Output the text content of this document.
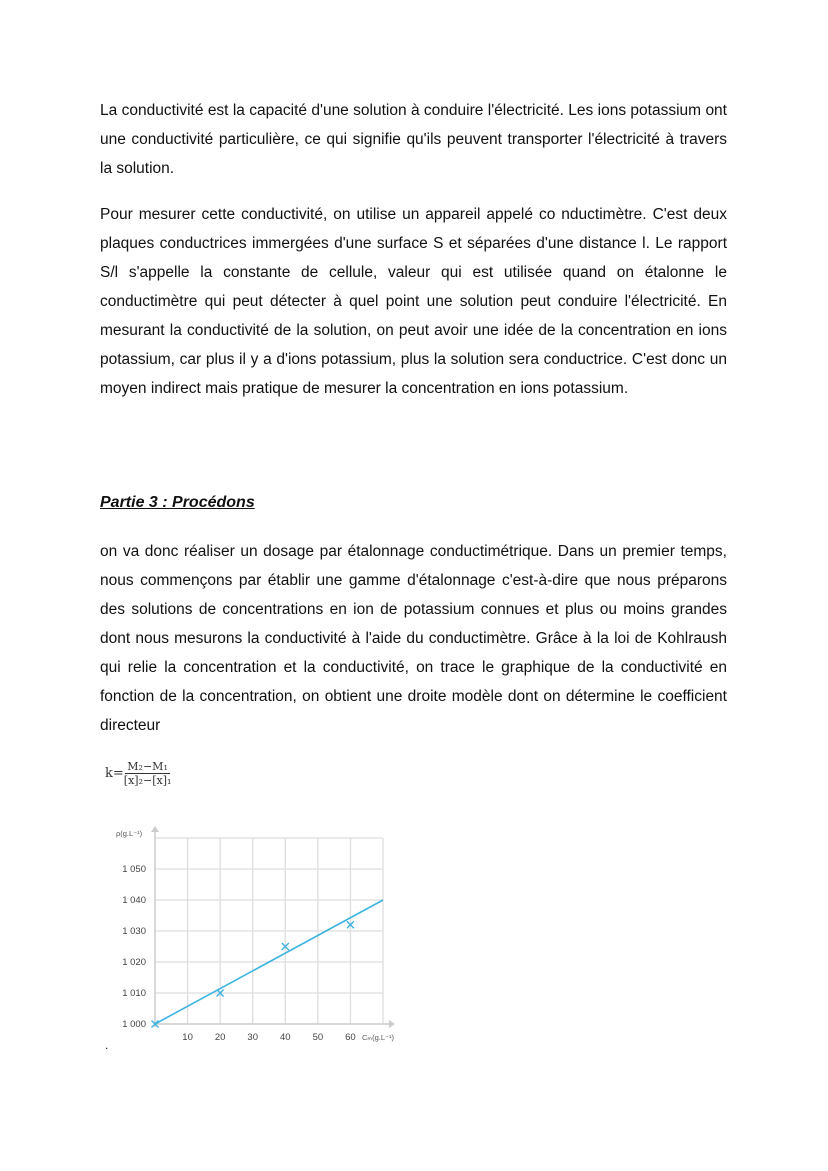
La conductivité est la capacité d'une solution à conduire l'électricité. Les ions potassium ont une conductivité particulière, ce qui signifie qu'ils peuvent transporter l'électricité à travers la solution.

Pour mesurer cette conductivité, on utilise un appareil appelé co nductimètre. C'est deux plaques conductrices immergées d'une surface S et séparées d'une distance l. Le rapport S/l s'appelle la constante de cellule, valeur qui est utilisée quand on étalonne le conductimètre qui peut détecter à quel point une solution peut conduire l'électricité. En mesurant la conductivité de la solution, on peut avoir une idée de la concentration en ions potassium, car plus il y a d'ions potassium, plus la solution sera conductrice. C'est donc un moyen indirect mais pratique de mesurer la concentration en ions potassium.

Partie 3 : Procédons

on va donc réaliser un dosage par étalonnage conductimétrique. Dans un premier temps, nous commençons par établir une gamme d'étalonnage c'est-à-dire que nous préparons des solutions de concentrations en ion de potassium connues et plus ou moins grandes dont nous mesurons la conductivité à l'aide du conductimètre. Grâce à la loi de Kohlraush qui relie la concentration et la conductivité, on trace le graphique de la conductivité en fonction de la concentration, on obtient une droite modèle dont on détermine le coefficient directeur

$k= \frac{\text{M₂−M₁}}{\text{[x]₂−[x]₁}}$
10 20 30 40 50 60
1 000
1 010
1 020
1 030
1 040
1 050
ρ(g.L⁻¹)
Cₘ(g.L⁻¹)
.
